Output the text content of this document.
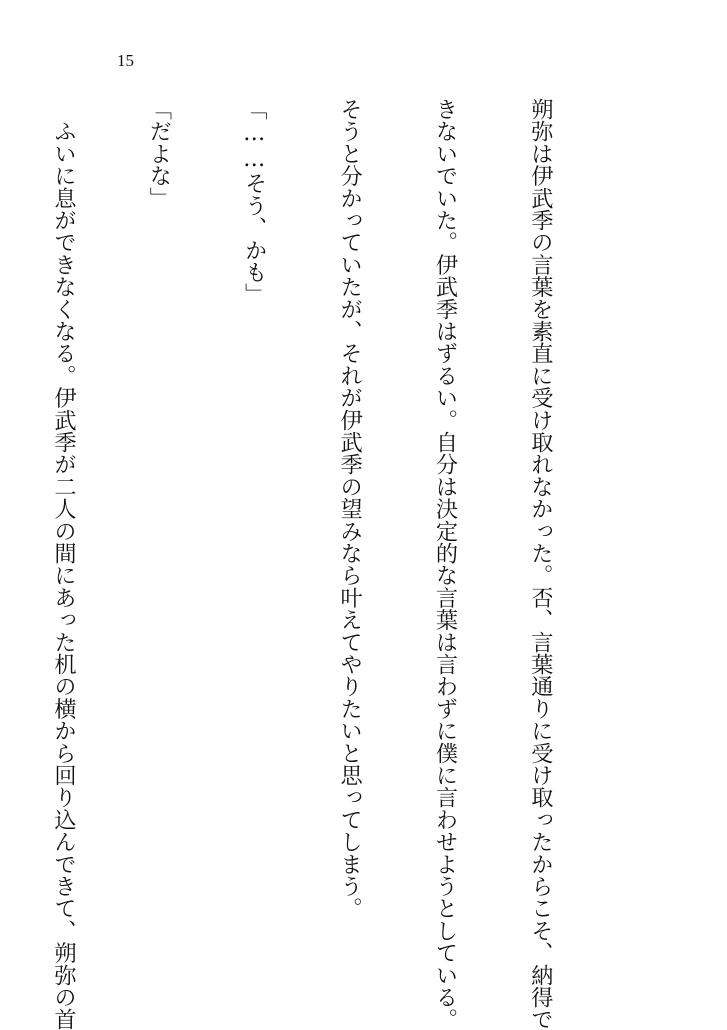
15

朔弥は伊武季の言葉を素直に受け取れなかった。否、言葉通りに受け取ったからこそ、納得で

きないでいた。伊武季はずるい。自分は決定的な言葉は言わずに僕に言わせようとしている。

そうと分かっていたが、それが伊武季の望みなら叶えてやりたいと思ってしまう。

「……そう、かも」

「だよな」

　ふいに息ができなくなる。伊武季が二人の間にあった机の横から回り込んできて、朔弥の首
